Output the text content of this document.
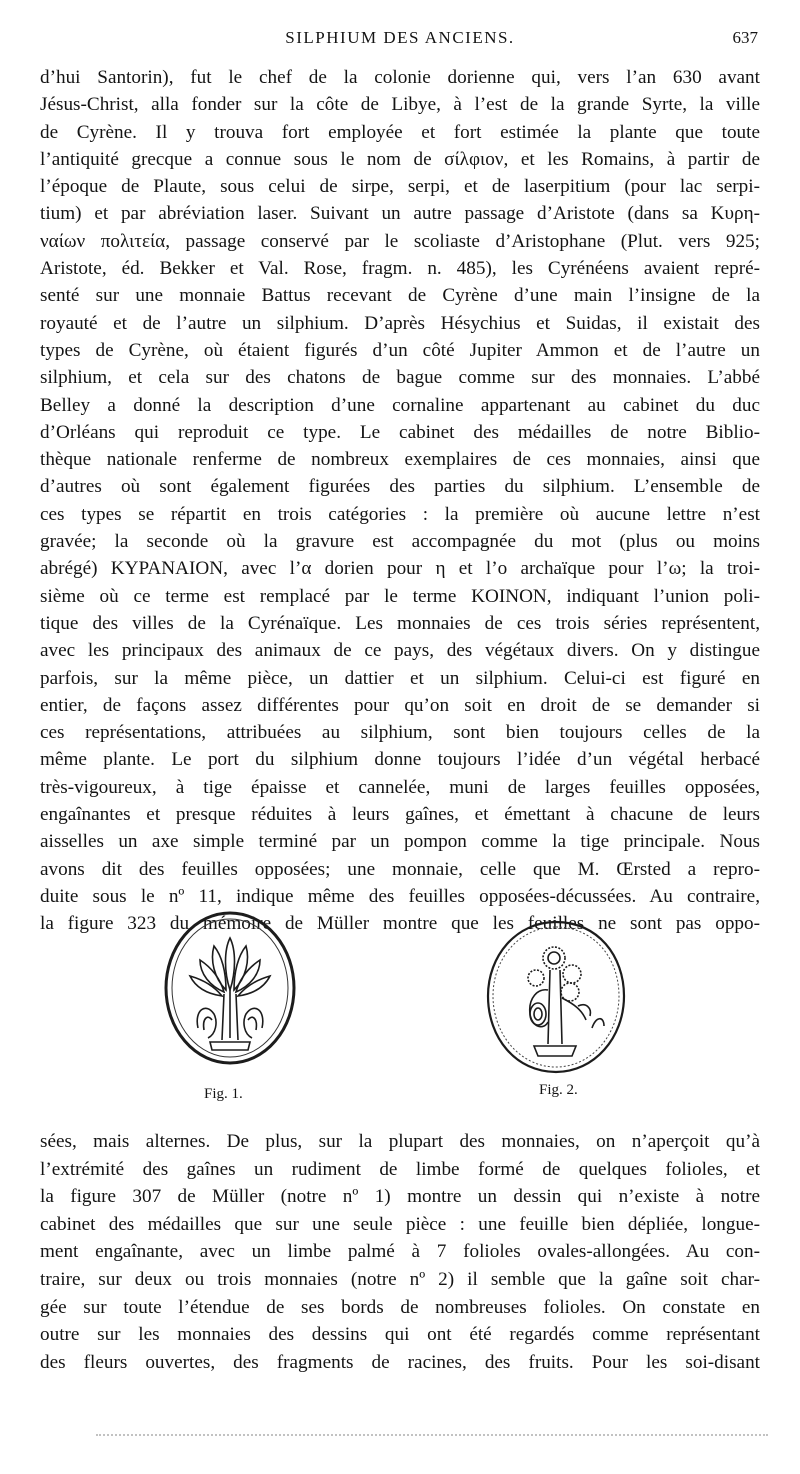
SILPHIUM DES ANCIENS.	637
d’hui Santorin), fut le chef de la colonie dorienne qui, vers l’an 630 avant
Jésus-Christ, alla fonder sur la côte de Libye, à l’est de la grande Syrte, la ville
de Cyrène. Il y trouva fort employée et fort estimée la plante que toute
l’antiquité grecque a connue sous le nom de σίλφιον, et les Romains, à partir de
l’époque de Plaute, sous celui de sirpe, serpi, et de laserpitium (pour lac serpi-
tium) et par abréviation laser. Suivant un autre passage d’Aristote (dans sa Κυρη-
ναίων πολιτεία, passage conservé par le scoliaste d’Aristophane (Plut. vers 925;
Aristote, éd. Bekker et Val. Rose, fragm. n. 485), les Cyrénéens avaient repré-
senté sur une monnaie Battus recevant de Cyrène d’une main l’insigne de la
royauté et de l’autre un silphium. D’après Hésychius et Suidas, il existait des
types de Cyrène, où étaient figurés d’un côté Jupiter Ammon et de l’autre un
silphium, et cela sur des chatons de bague comme sur des monnaies. L’abbé
Belley a donné la description d’une cornaline appartenant au cabinet du duc
d’Orléans qui reproduit ce type. Le cabinet des médailles de notre Biblio-
thèque nationale renferme de nombreux exemplaires de ces monnaies, ainsi que
d’autres où sont également figurées des parties du silphium. L’ensemble de
ces types se répartit en trois catégories : la première où aucune lettre n’est
gravée; la seconde où la gravure est accompagnée du mot (plus ou moins
abrégé) KYPANAION, avec l’α dorien pour η et l’o archaïque pour l’ω; la troi-
sième où ce terme est remplacé par le terme KOINON, indiquant l’union poli-
tique des villes de la Cyrénaïque. Les monnaies de ces trois séries représentent,
avec les principaux des animaux de ce pays, des végétaux divers. On y distingue
parfois, sur la même pièce, un dattier et un silphium. Celui-ci est figuré en
entier, de façons assez différentes pour qu’on soit en droit de se demander si
ces représentations, attribuées au silphium, sont bien toujours celles de la
même plante. Le port du silphium donne toujours l’idée d’un végétal herbacé
très-vigoureux, à tige épaisse et cannelée, muni de larges feuilles opposées,
engaînantes et presque réduites à leurs gaînes, et émettant à chacune de leurs
aisselles un axe simple terminé par un pompon comme la tige principale. Nous
avons dit des feuilles opposées; une monnaie, celle que M. Œrsted a repro-
duite sous le nº 11, indique même des feuilles opposées-décussées. Au contraire,
la figure 323 du mémoire de Müller montre que les feuilles ne sont pas oppo-
Fig. 1.	Fig. 2.
sées, mais alternes. De plus, sur la plupart des monnaies, on n’aperçoit qu’à
l’extrémité des gaînes un rudiment de limbe formé de quelques folioles, et
la figure 307 de Müller (notre nº 1) montre un dessin qui n’existe à notre
cabinet des médailles que sur une seule pièce : une feuille bien dépliée, longue-
ment engaînante, avec un limbe palmé à 7 folioles ovales-allongées. Au con-
traire, sur deux ou trois monnaies (notre nº 2) il semble que la gaîne soit char-
gée sur toute l’étendue de ses bords de nombreuses folioles. On constate en
outre sur les monnaies des dessins qui ont été regardés comme représentant
des fleurs ouvertes, des fragments de racines, des fruits. Pour les soi-disant
